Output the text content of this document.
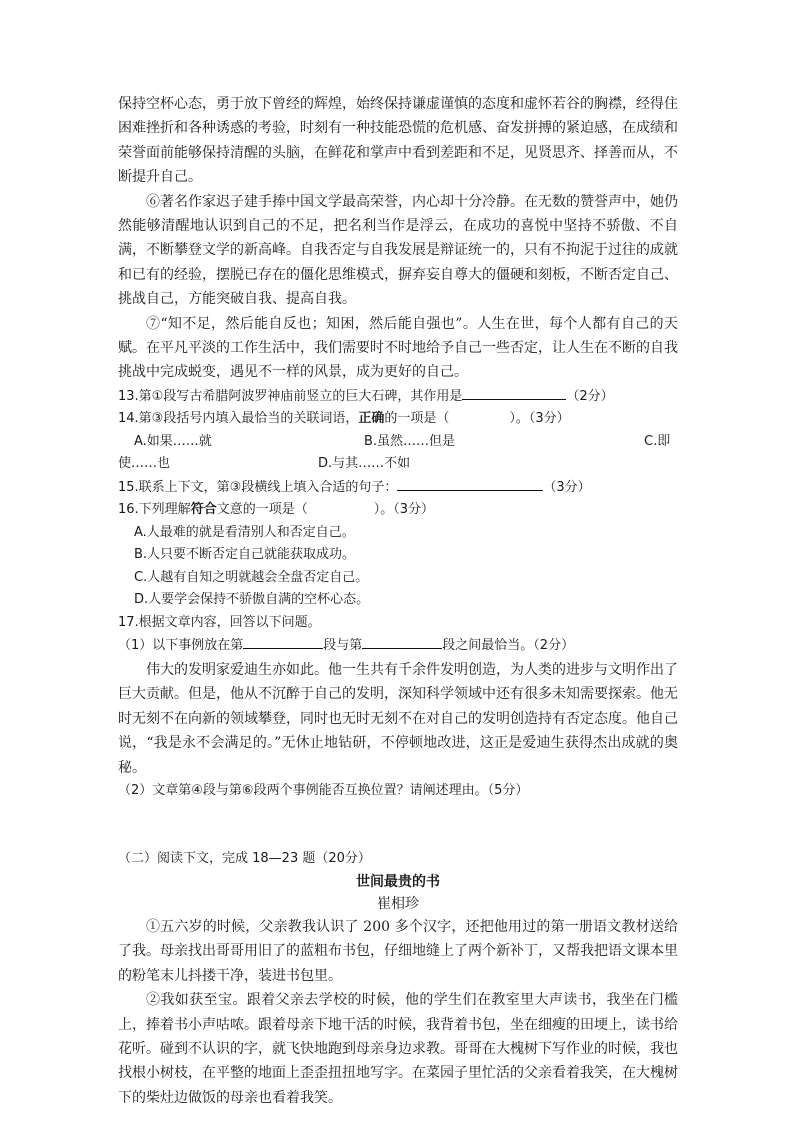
保持空杯心态，勇于放下曾经的辉煌，始终保持谦虚谨慎的态度和虚怀若谷的胸襟，经得住困难挫折和各种诱惑的考验，时刻有一种技能恐慌的危机感、奋发拼搏的紧迫感，在成绩和荣誉面前能够保持清醒的头脑，在鲜花和掌声中看到差距和不足，见贤思齐、择善而从，不断提升自己。

⑥著名作家迟子建手捧中国文学最高荣誉，内心却十分冷静。在无数的赞誉声中，她仍然能够清醒地认识到自己的不足，把名利当作是浮云，在成功的喜悦中坚持不骄傲、不自满，不断攀登文学的新高峰。自我否定与自我发展是辩证统一的，只有不拘泥于过往的成就和已有的经验，摆脱已存在的僵化思维模式，摒弃妄自尊大的僵硬和刻板，不断否定自己、挑战自己，方能突破自我、提高自我。

⑦“知不足，然后能自反也；知困，然后能自强也”。人生在世，每个人都有自己的天赋。在平凡平淡的工作生活中，我们需要时不时地给予自己一些否定，让人生在不断的自我挑战中完成蜕变，遇见不一样的风景，成为更好的自己。

13.第①段写古希腊阿波罗神庙前竖立的巨大石碑，其作用是	（2分）

14.第③段括号内填入最恰当的关联词语，正确的一项是（	）。（3分）

A.如果……就	B.虽然……但是	C.即
使……也	D.与其……不如

15.联系上下文，第③段横线上填入合适的句子：	（3分）

16.下列理解符合文意的一项是（	）。（3分）

A.人最难的就是看清别人和否定自己。

B.人只要不断否定自己就能获取成功。

C.人越有自知之明就越会全盘否定自己。

D.人要学会保持不骄傲自满的空杯心态。

17.根据文章内容，回答以下问题。

（1）以下事例放在第	段与第	段之间最恰当。（2分）

伟大的发明家爱迪生亦如此。他一生共有千余件发明创造，为人类的进步与文明作出了巨大贡献。但是，他从不沉醉于自己的发明，深知科学领域中还有很多未知需要探索。他无时无刻不在向新的领域攀登，同时也无时无刻不在对自己的发明创造持有否定态度。他自己说，“我是永不会满足的。”无休止地钻研，不停顿地改进，这正是爱迪生获得杰出成就的奥秘。

（2）文章第④段与第⑥段两个事例能否互换位置？请阐述理由。（5分）

（二）阅读下文，完成 18—23 题（20分）

世间最贵的书

崔相珍

①五六岁的时候，父亲教我认识了 200 多个汉字，还把他用过的第一册语文教材送给了我。母亲找出哥哥用旧了的蓝粗布书包，仔细地缝上了两个新补丁，又帮我把语文课本里的粉笔末儿抖搂干净，装进书包里。

②我如获至宝。跟着父亲去学校的时候，他的学生们在教室里大声读书，我坐在门槛上，捧着书小声咕哝。跟着母亲下地干活的时候，我背着书包，坐在细瘦的田埂上，读书给花听。碰到不认识的字，就飞快地跑到母亲身边求教。哥哥在大槐树下写作业的时候，我也找根小树枝，在平整的地面上歪歪扭扭地写字。在菜园子里忙活的父亲看着我笑，在大槐树下的柴灶边做饭的母亲也看着我笑。
